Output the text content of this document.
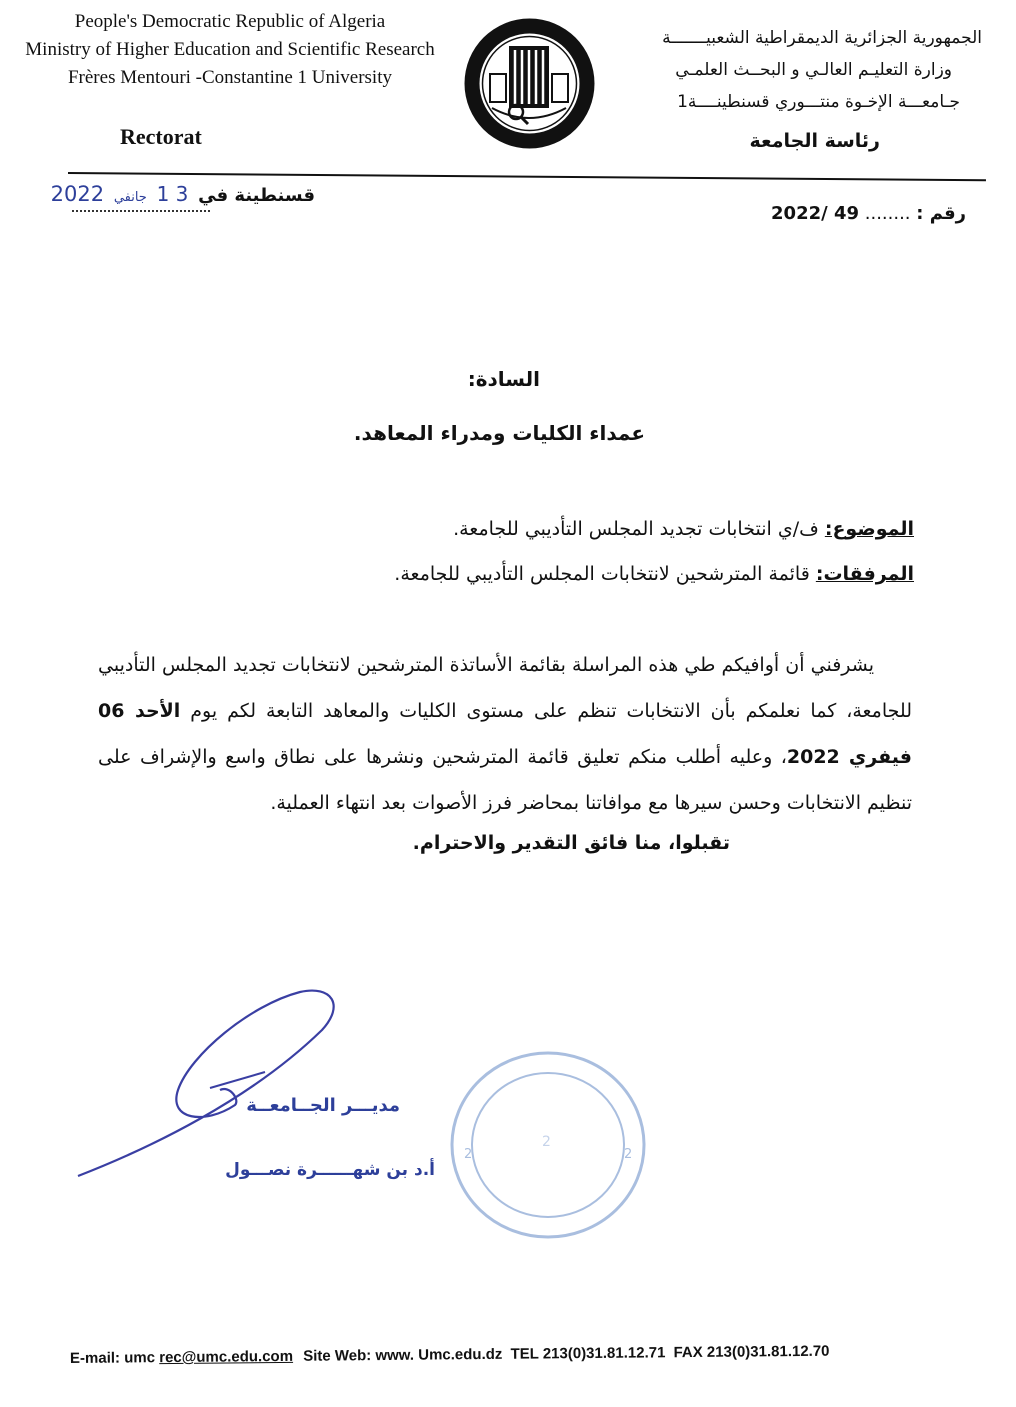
People's Democratic Republic of Algeria
Ministry of Higher Education and Scientific Research
Frères Mentouri -Constantine 1 University
Rectorat
الجمهورية الجزائرية الديمقراطية الشعبيـــــــة
وزارة التعليـم العالـي و البحــث العلمـي
جـامعـــة الإخـوة منتـــوري قسنطينــــة1
رئاسة الجامعة
قسنطينة في 3 1 جانفي 2022
رقم : ........ 2022/ 49
السادة:
عمداء الكليات ومدراء المعاهد.
الموضوع: ف/ي انتخابات تجديد المجلس التأديبي للجامعة.
المرفقات: قائمة المترشحين لانتخابات المجلس التأديبي للجامعة.
يشرفني أن أوافيكم طي هذه المراسلة بقائمة الأساتذة المترشحين لانتخابات تجديد المجلس التأديبي للجامعة، كما نعلمكم بأن الانتخابات تنظم على مستوى الكليات والمعاهد التابعة لكم يوم الأحد 06 فيفري 2022، وعليه أطلب منكم تعليق قائمة المترشحين ونشرها على نطاق واسع والإشراف على تنظيم الانتخابات وحسن سيرها مع موافاتنا بمحاضر فرز الأصوات بعد انتهاء العملية.
تقبلوا، منا فائق التقدير والاحترام.
مديـــر الجــامعــة
أ.د بن شهــــــرة نصـــول
2	2
2
E-mail: umc rec@umc.edu.com Site Web: www. Umc.edu.dz TEL 213(0)31.81.12.71 FAX 213(0)31.81.12.70
